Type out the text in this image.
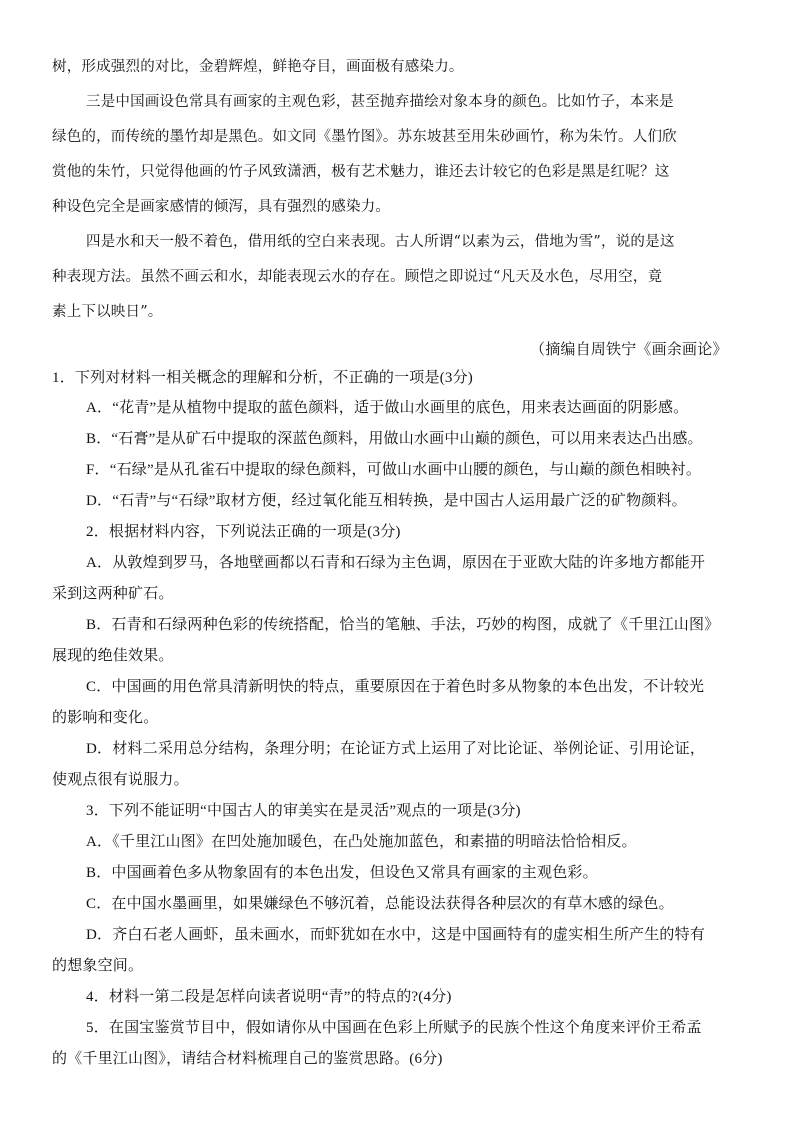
树，形成强烈的对比，金碧辉煌，鲜艳夺目，画面极有感染力。
三是中国画设色常具有画家的主观色彩，甚至抛弃描绘对象本身的颜色。比如竹子，本来是
绿色的，而传统的墨竹却是黑色。如文同《墨竹图》。苏东坡甚至用朱砂画竹，称为朱竹。人们欣
赏他的朱竹，只觉得他画的竹子风致潇洒，极有艺术魅力，谁还去计较它的色彩是黑是红呢？这
种设色完全是画家感情的倾泻，具有强烈的感染力。
四是水和天一般不着色，借用纸的空白来表现。古人所谓“以素为云，借地为雪”，说的是这
种表现方法。虽然不画云和水，却能表现云水的存在。顾恺之即说过“凡天及水色，尽用空，竟
素上下以映日”。
（摘编自周铁宁《画余画论》
1．下列对材料一相关概念的理解和分析，不正确的一项是(3分)
A．“花青”是从植物中提取的蓝色颜料，适于做山水画里的底色，用来表达画面的阴影感。
B．“石膏”是从矿石中提取的深蓝色颜料，用做山水画中山巅的颜色，可以用来表达凸出感。
F．“石绿”是从孔雀石中提取的绿色颜料，可做山水画中山腰的颜色，与山巅的颜色相映衬。
D．“石青”与“石绿”取材方便，经过氧化能互相转换，是中国古人运用最广泛的矿物颜料。
2．根据材料内容，下列说法正确的一项是(3分)
A．从敦煌到罗马，各地壁画都以石青和石绿为主色调，原因在于亚欧大陆的许多地方都能开
采到这两种矿石。
B．石青和石绿两种色彩的传统搭配，恰当的笔触、手法，巧妙的构图，成就了《千里江山图》
展现的绝佳效果。
C．中国画的用色常具清新明快的特点，重要原因在于着色时多从物象的本色出发，不计较光
的影响和变化。
D．材料二采用总分结构，条理分明；在论证方式上运用了对比论证、举例论证、引用论证，
使观点很有说服力。
3．下列不能证明“中国古人的审美实在是灵活”观点的一项是(3分)
A．《千里江山图》在凹处施加暖色，在凸处施加蓝色，和素描的明暗法恰恰相反。
B．中国画着色多从物象固有的本色出发，但设色又常具有画家的主观色彩。
C．在中国水墨画里，如果嫌绿色不够沉着，总能设法获得各种层次的有草木感的绿色。
D．齐白石老人画虾，虽未画水，而虾犹如在水中，这是中国画特有的虚实相生所产生的特有
的想象空间。
4．材料一第二段是怎样向读者说明“青”的特点的?(4分)
5．在国宝鉴赏节目中，假如请你从中国画在色彩上所赋予的民族个性这个角度来评价王希孟
的《千里江山图》，请结合材料梳理自己的鉴赏思路。(6分)
